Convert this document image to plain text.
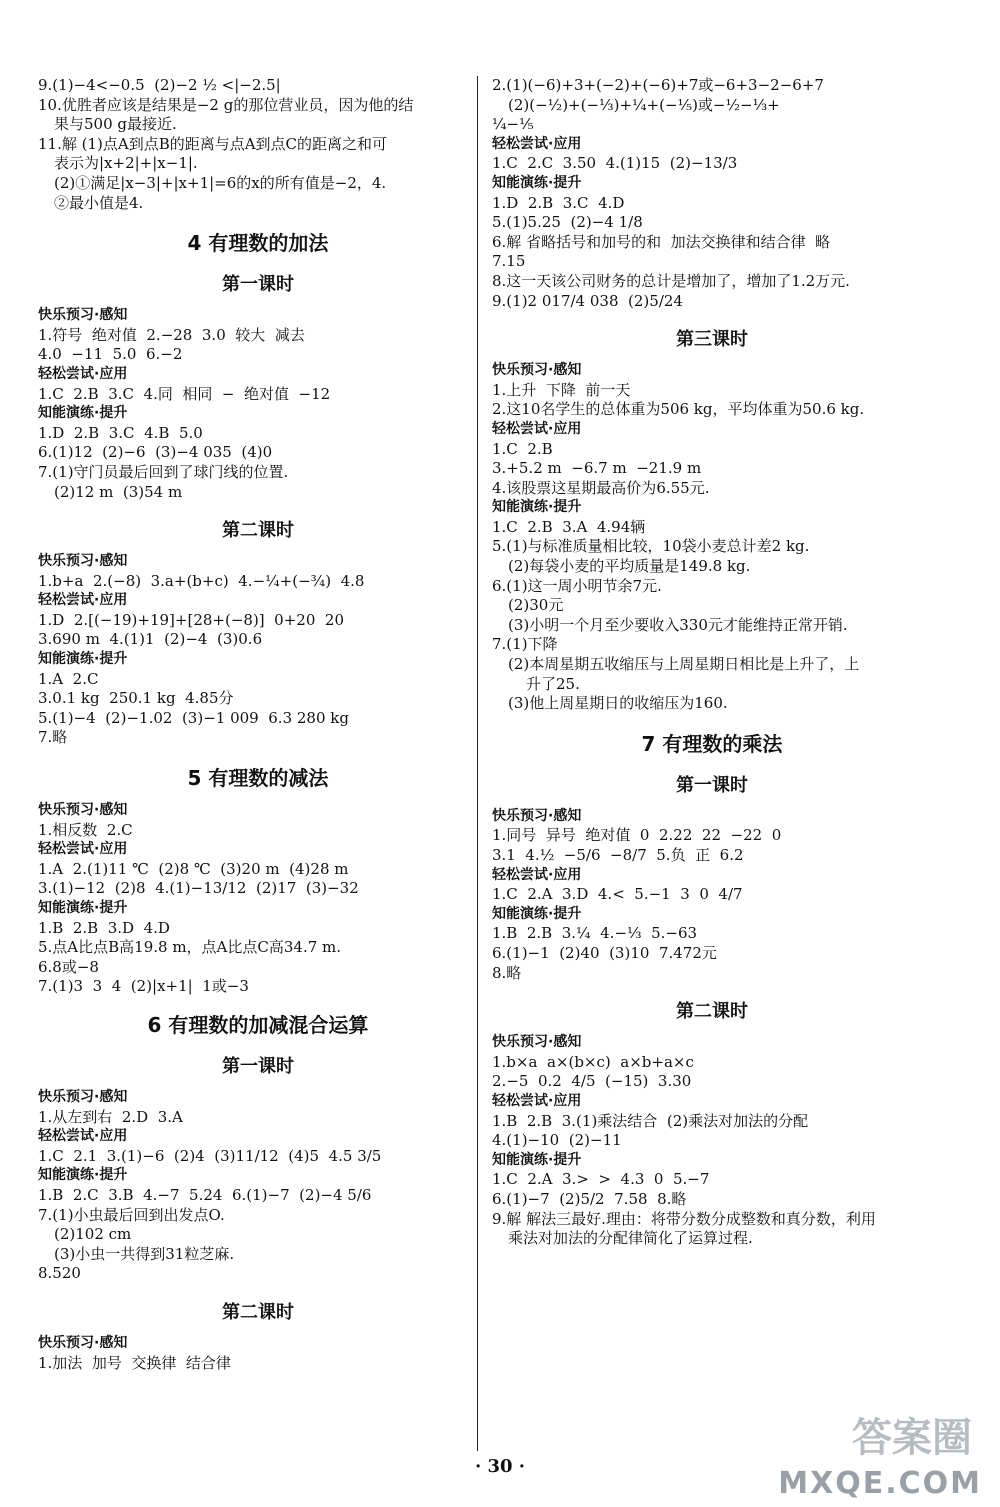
9.(1)−4<−0.5  (2)−2 ½ <|−2.5|

10.优胜者应该是结果是−2 g的那位营业员，因为他的结

果与500 g最接近.

11.解 (1)点A到点B的距离与点A到点C的距离之和可

表示为|x+2|+|x−1|.

(2)①满足|x−3|+|x+1|=6的x的所有值是−2，4.

②最小值是4.

4 有理数的加法

第一课时

快乐预习·感知

1.符号  绝对值  2.−28  3.0  较大  减去

4.0  −11  5.0  6.−2

轻松尝试·应用

1.C  2.B  3.C  4.同  相同  −  绝对值  −12

知能演练·提升

1.D  2.B  3.C  4.B  5.0

6.(1)12  (2)−6  (3)−4 035  (4)0

7.(1)守门员最后回到了球门线的位置.

(2)12 m  (3)54 m

第二课时

快乐预习·感知

1.b+a  2.(−8)  3.a+(b+c)  4.−¼+(−¾)  4.8

轻松尝试·应用

1.D  2.[(−19)+19]+[28+(−8)]  0+20  20

3.690 m  4.(1)1  (2)−4  (3)0.6

知能演练·提升

1.A  2.C

3.0.1 kg  250.1 kg  4.85分

5.(1)−4  (2)−1.02  (3)−1 009  6.3 280 kg

7.略

5 有理数的减法

快乐预习·感知

1.相反数  2.C

轻松尝试·应用

1.A  2.(1)11 ℃  (2)8 ℃  (3)20 m  (4)28 m

3.(1)−12  (2)8  4.(1)−13/12  (2)17  (3)−32

知能演练·提升

1.B  2.B  3.D  4.D

5.点A比点B高19.8 m，点A比点C高34.7 m.

6.8或−8

7.(1)3  3  4  (2)|x+1|  1或−3

6 有理数的加减混合运算

第一课时

快乐预习·感知

1.从左到右  2.D  3.A

轻松尝试·应用

1.C  2.1  3.(1)−6  (2)4  (3)11/12  (4)5  4.5 3/5

知能演练·提升

1.B  2.C  3.B  4.−7  5.24  6.(1)−7  (2)−4 5/6

7.(1)小虫最后回到出发点O.

(2)102 cm

(3)小虫一共得到31粒芝麻.

8.520

第二课时

快乐预习·感知

1.加法  加号  交换律  结合律

2.(1)(−6)+3+(−2)+(−6)+7或−6+3−2−6+7

(2)(−½)+(−⅓)+¼+(−⅕)或−½−⅓+

¼−⅕

轻松尝试·应用

1.C  2.C  3.50  4.(1)15  (2)−13/3

知能演练·提升

1.D  2.B  3.C  4.D

5.(1)5.25  (2)−4 1/8

6.解 省略括号和加号的和  加法交换律和结合律  略

7.15

8.这一天该公司财务的总计是增加了，增加了1.2万元.

9.(1)2 017/4 038  (2)5/24

第三课时

快乐预习·感知

1.上升  下降  前一天

2.这10名学生的总体重为506 kg，平均体重为50.6 kg.

轻松尝试·应用

1.C  2.B

3.+5.2 m  −6.7 m  −21.9 m

4.该股票这星期最高价为6.55元.

知能演练·提升

1.C  2.B  3.A  4.94辆

5.(1)与标准质量相比较，10袋小麦总计差2 kg.

(2)每袋小麦的平均质量是149.8 kg.

6.(1)这一周小明节余7元.

(2)30元

(3)小明一个月至少要收入330元才能维持正常开销.

7.(1)下降

(2)本周星期五收缩压与上周星期日相比是上升了，上

升了25.

(3)他上周星期日的收缩压为160.

7 有理数的乘法

第一课时

快乐预习·感知

1.同号  异号  绝对值  0  2.22  22  −22  0

3.1  4.½  −5/6  −8/7  5.负  正  6.2

轻松尝试·应用

1.C  2.A  3.D  4.<  5.−1  3  0  4/7

知能演练·提升

1.B  2.B  3.¼  4.−⅓  5.−63

6.(1)−1  (2)40  (3)10  7.472元

8.略

第二课时

快乐预习·感知

1.b×a  a×(b×c)  a×b+a×c

2.−5  0.2  4/5  (−15)  3.30

轻松尝试·应用

1.B  2.B  3.(1)乘法结合  (2)乘法对加法的分配

4.(1)−10  (2)−11

知能演练·提升

1.C  2.A  3.>  >  4.3  0  5.−7

6.(1)−7  (2)5/2  7.58  8.略

9.解 解法三最好.理由：将带分数分成整数和真分数，利用

乘法对加法的分配律简化了运算过程.

· 30 ·
答案圈
MXQE.COM
